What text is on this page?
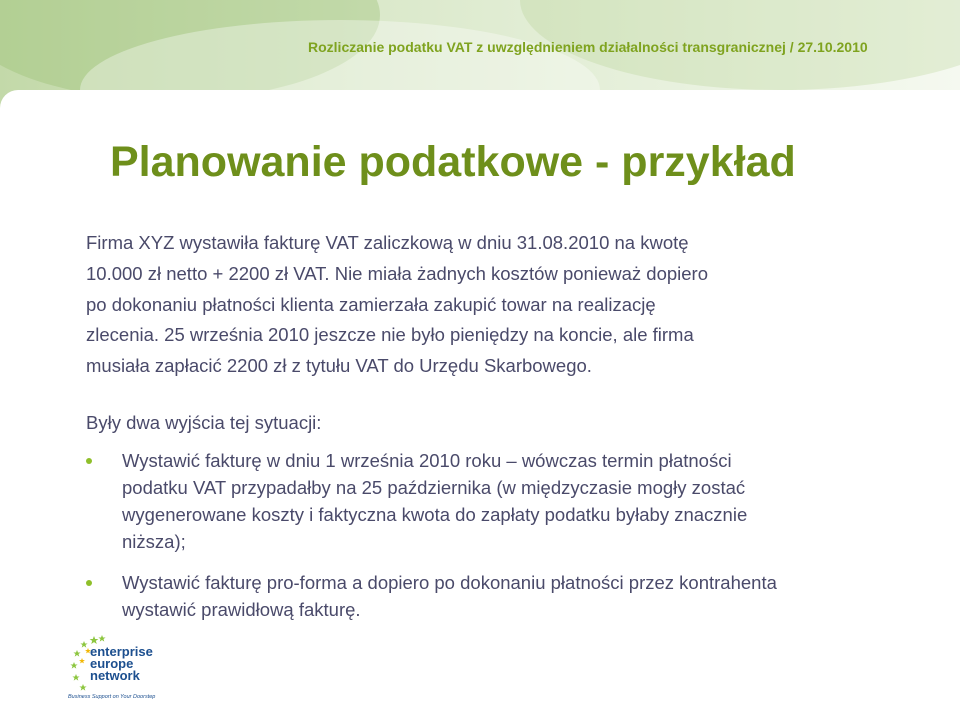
Rozliczanie podatku VAT z uwzględnieniem działalności transgranicznej / 27.10.2010
Planowanie podatkowe - przykład
Firma XYZ wystawiła fakturę VAT zaliczkową w dniu 31.08.2010 na kwotę
10.000 zł netto + 2200 zł VAT. Nie miała żadnych kosztów ponieważ dopiero
po dokonaniu płatności klienta zamierzała zakupić towar na realizację
zlecenia. 25 września 2010 jeszcze nie było pieniędzy na koncie, ale firma
musiała zapłacić 2200 zł z tytułu VAT do Urzędu Skarbowego.
Były dwa wyjścia tej sytuacji:
Wystawić fakturę w dniu 1 września 2010 roku – wówczas termin płatności
podatku VAT przypadałby na 25 października (w międzyczasie mogły zostać
wygenerowane koszty i faktyczna kwota do zapłaty podatku byłaby znacznie
niższa);
Wystawić fakturę pro-forma a dopiero po dokonaniu płatności przez kontrahenta
wystawić prawidłową fakturę.
enterprise
europe
network
Business Support on Your Doorstep
